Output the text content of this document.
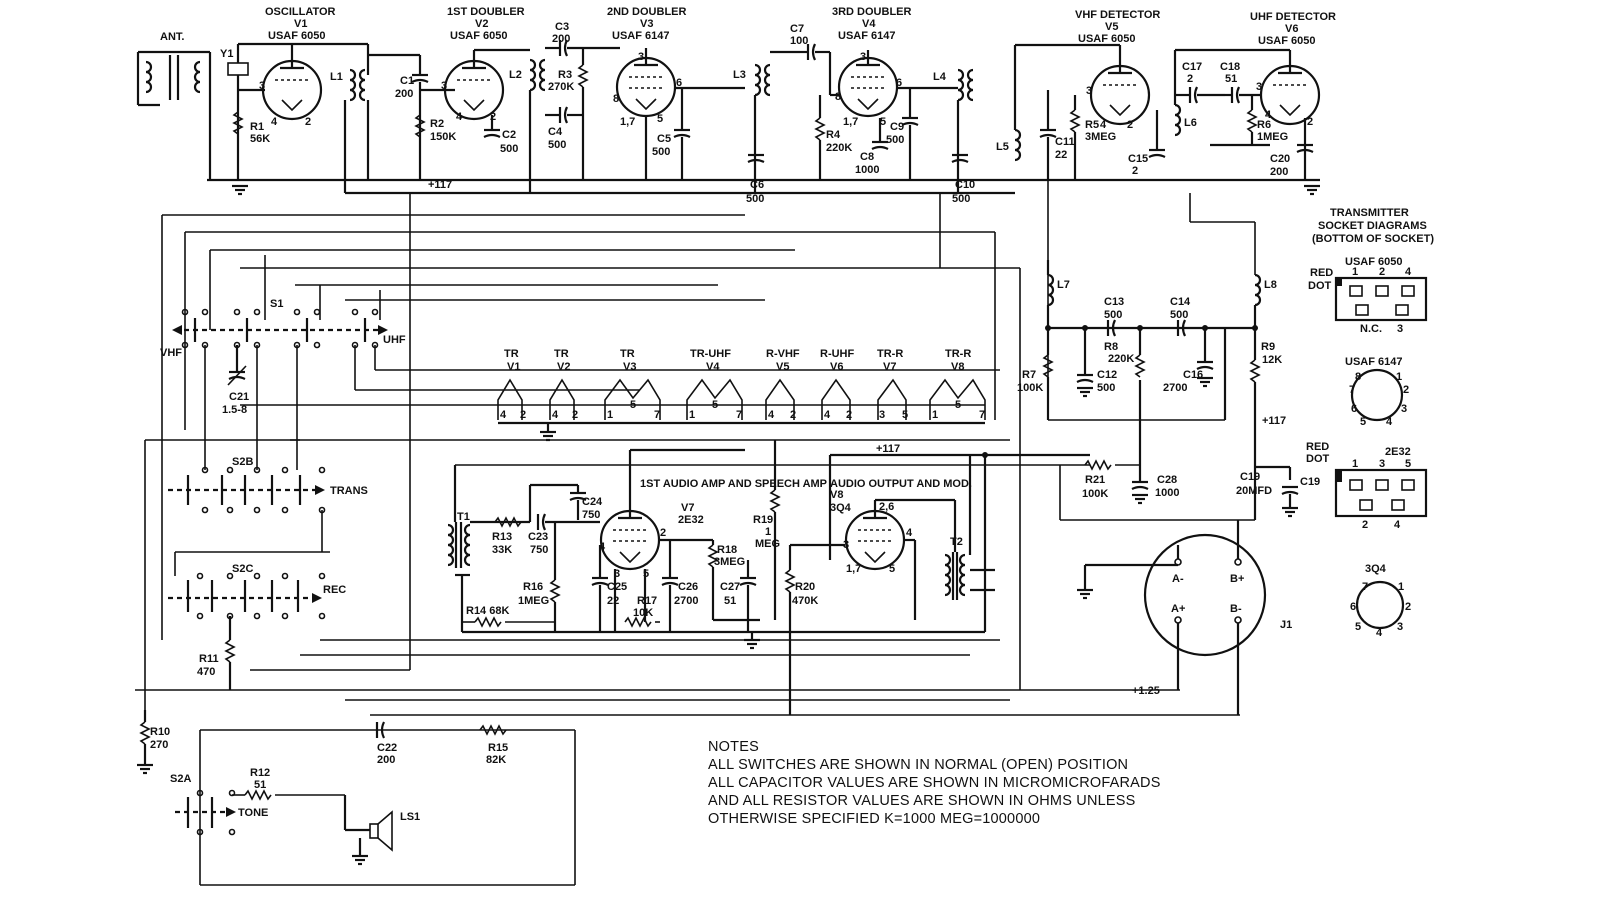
+117
ANT.
Y1
R1
56K
OSCILLATOR
V1
USAF 6050
3
4	2
L1	C1
200
R2
150K
1ST DOUBLER
V2
USAF 6050
3
4	2
C2
500
L2
C3
200
R3
270K
C4
500
2ND DOUBLER
V3
USAF 6147
3
8
6
1,7 5
C5
500
L3
C6
500
C7
100
3RD DOUBLER
V4
USAF 6147
3
8
6
1,7 5
R4
220K
C8
1000
C9
500
L4
C10
500
L5
VHF DETECTOR
V5
USAF 6050
3
4 2
C11
22
R5
3MEG
C15
2
L6
C17
2
C18
51
R6
1MEG
UHF DETECTOR
V6
USAF 6050
3
4
2
C20
200
S1
VHF
UHF
C21
1.5-8
TR
V1
4 2
TR
V2
4 2
TR
V3
1
5
7
TR-UHF
V4
1
5
7
R-VHF
V5
4 2
R-UHF
V6
4 2
TR-R
V7
3 5
TR-R
V8
1
5
7
S2B
TRANS
S2C
REC
R11
470
R10
270	C22
200
R15
82K
S2A
TONE
R12
51
LS1
T1
R13
33K
C23
750
R16
1MEG
R14 68K
C24
750
1ST AUDIO AMP AND SPEECH AMP
V7
2E32
4
2
3 5
C25
22 R17
10K
C26
2700
R18
3MEG
C27
51
R19
1
MEG
R20
470K
AUDIO OUTPUT AND MOD.
V8
3Q4	2,6
3
4
1,7	5
T2
+117
R21
100K
C28
1000
L7	L8
C13
500
C14
500
R7
100K
C12
500
R8
220K
C16
2700
R9
12K
+117
C19
C19
20MFD
J1
A-	B+
A+	B-
+1.25
TRANSMITTER
SOCKET DIAGRAMS
(BOTTOM OF SOCKET)
USAF 6050
RED
DOT
1 2 4
N.C. 3
USAF 6147
8	1
7	2
6	3
5 4
RED
DOT
2E32
1 3 5
2 4
3Q4
7	1
6	2
5 4 3
NOTES
ALL SWITCHES ARE SHOWN IN NORMAL (OPEN) POSITION
ALL CAPACITOR VALUES ARE SHOWN IN MICROMICROFARADS
AND ALL RESISTOR VALUES ARE SHOWN IN OHMS UNLESS
OTHERWISE SPECIFIED K=1000 MEG=1000000
